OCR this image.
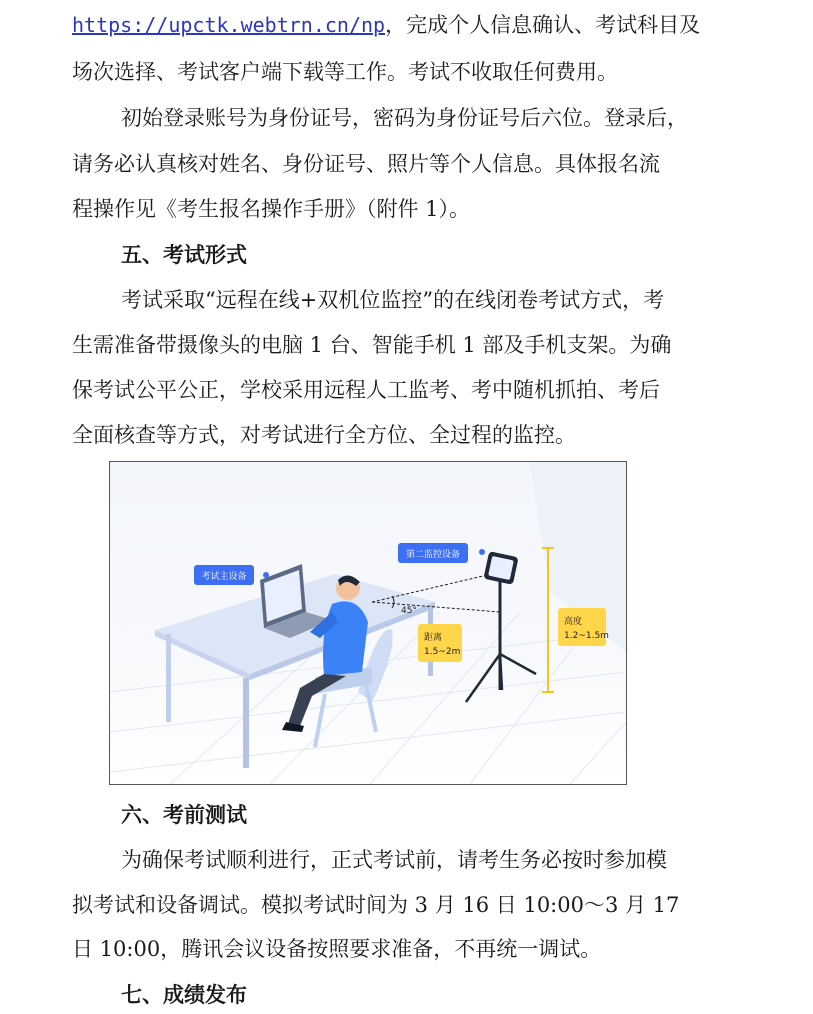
https://upctk.webtrn.cn/np，完成个人信息确认、考试科目及
场次选择、考试客户端下载等工作。考试不收取任何费用。
初始登录账号为身份证号，密码为身份证号后六位。登录后，
请务必认真核对姓名、身份证号、照片等个人信息。具体报名流
程操作见《考生报名操作手册》（附件 1）。
五、考试形式
考试采取“远程在线+双机位监控”的在线闭卷考试方式，考
生需准备带摄像头的电脑 1 台、智能手机 1 部及手机支架。为确
保考试公平公正，学校采用远程人工监考、考中随机抓拍、考后
全面核查等方式，对考试进行全方位、全过程的监控。
45°
考试主设备
第二监控设备
距离
1.5~2m
高度
1.2~1.5m
六、考前测试
为确保考试顺利进行，正式考试前，请考生务必按时参加模
拟考试和设备调试。模拟考试时间为 3 月 16 日 10:00～3 月 17
日 10:00，腾讯会议设备按照要求准备，不再统一调试。
七、成绩发布
